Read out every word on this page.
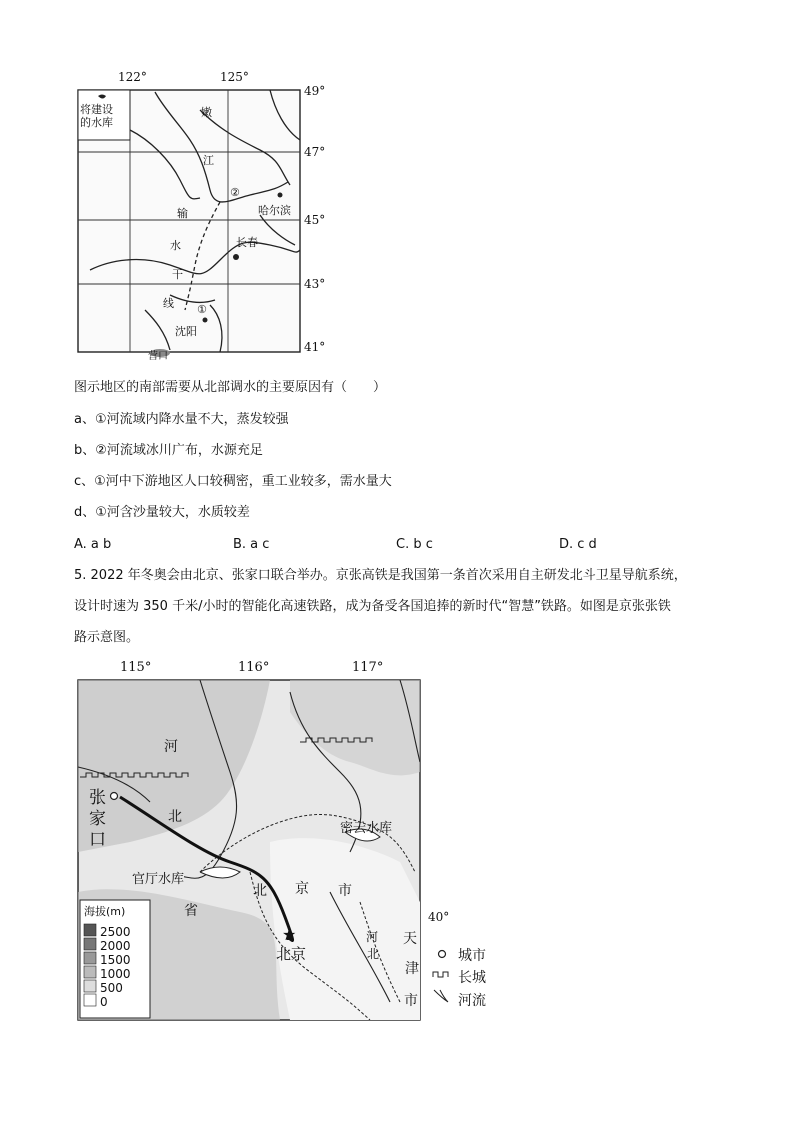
122°	125°
49°
47°
45°
43°
41°
将建设
的水库
嫩
江
输
水
干
线 ①
②
哈尔滨
长春
沈阳
营口
图示地区的南部需要从北部调水的主要原因有（　　）
a、①河流域内降水量不大，蒸发较强
b、②河流域冰川广布，水源充足
c、①河中下游地区人口较稠密，重工业较多，需水量大
d、①河含沙量较大，水质较差
A. a b	B. a c	C. b c	D. c d
5. 2022 年冬奥会由北京、张家口联合举办。京张高铁是我国第一条首次采用自主研发北斗卫星导航系统，
设计时速为 350 千米/小时的智能化高速铁路，成为备受各国追捧的新时代“智慧”铁路。如图是京张张铁
路示意图。
★
115°	116°	117°
40°
河
北
省
北 京 市
天
津
市
张
家
口
官厅水库
密云水库
北京
河
北
海拔(m)
2500
2000
1500
1000
500
0
城市
长城
河流
